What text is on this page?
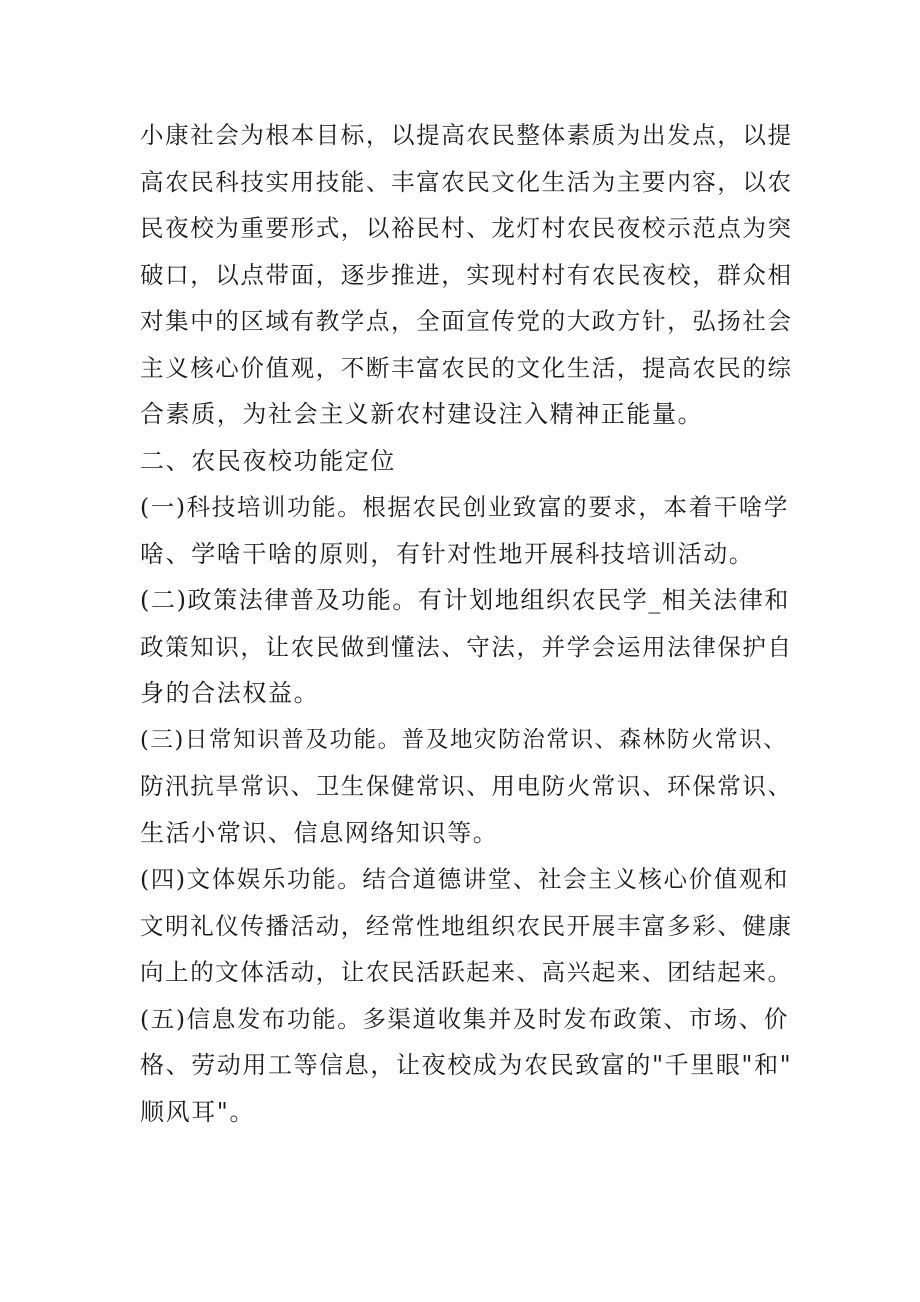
小康社会为根本目标，以提高农民整体素质为出发点，以提
高农民科技实用技能、丰富农民文化生活为主要内容，以农
民夜校为重要形式，以裕民村、龙灯村农民夜校示范点为突
破口，以点带面，逐步推进，实现村村有农民夜校，群众相
对集中的区域有教学点，全面宣传党的大政方针，弘扬社会
主义核心价值观，不断丰富农民的文化生活，提高农民的综
合素质，为社会主义新农村建设注入精神正能量。
二、农民夜校功能定位
(一)科技培训功能。根据农民创业致富的要求，本着干啥学
啥、学啥干啥的原则，有针对性地开展科技培训活动。
(二)政策法律普及功能。有计划地组织农民学_相关法律和
政策知识，让农民做到懂法、守法，并学会运用法律保护自
身的合法权益。
(三)日常知识普及功能。普及地灾防治常识、森林防火常识、
防汛抗旱常识、卫生保健常识、用电防火常识、环保常识、
生活小常识、信息网络知识等。
(四)文体娱乐功能。结合道德讲堂、社会主义核心价值观和
文明礼仪传播活动，经常性地组织农民开展丰富多彩、健康
向上的文体活动，让农民活跃起来、高兴起来、团结起来。
(五)信息发布功能。多渠道收集并及时发布政策、市场、价
格、劳动用工等信息，让夜校成为农民致富的"千里眼"和"
顺风耳"。
